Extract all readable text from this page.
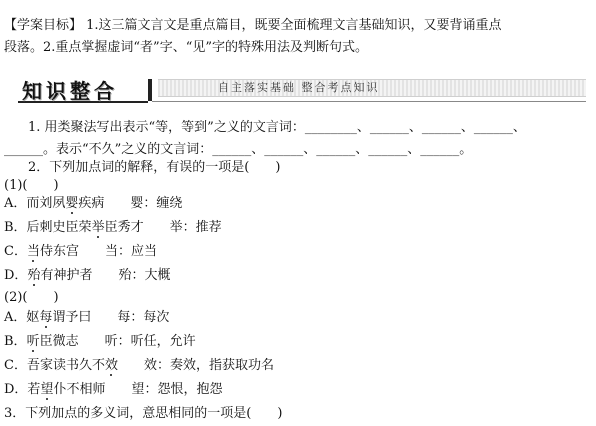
【学案目标】 1.这三篇文言文是重点篇目，既要全面梳理文言基础知识，又要背诵重点
段落。2.重点掌握虚词“者”字、“见”字的特殊用法及判断句式。
知识整合	自主落实基础 整合考点知识
1. 用类聚法写出表示“等，等到”之义的文言词：________、______、______、______、
______。表示“不久”之义的文言词：______、______、______、______、______。
2．下列加点词的解释，有误的一项是(　　)
(1)(　　)
A．而刘夙婴疾病　　婴：缠绕
B．后刺史臣荣举臣秀才　　举：推荐
C．当侍东宫　　当：应当
D．殆有神护者　　殆：大概
(2)(　　)
A．妪每谓予曰　　每：每次
B．听臣微志　　听：听任，允许
C．吾家读书久不效　　效：奏效，指获取功名
D．若望仆不相师　　望：怨恨，抱怨
3．下列加点的多义词，意思相同的一项是(　　)
